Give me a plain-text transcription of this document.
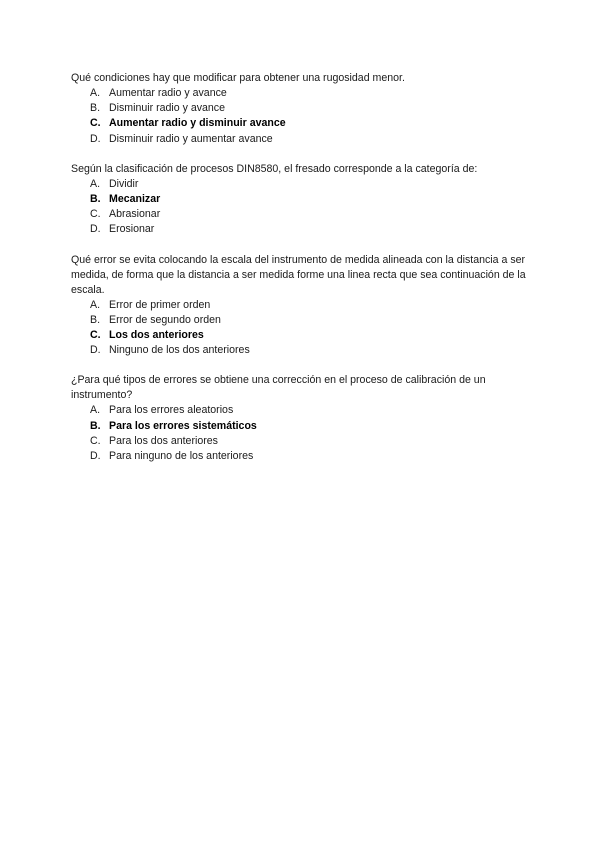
Qué condiciones hay que modificar para obtener una rugosidad menor.

A. Aumentar radio y avance
B. Disminuir radio y avance
C. Aumentar radio y disminuir avance
D. Disminuir radio y aumentar avance

Según la clasificación de procesos DIN8580, el fresado corresponde a la categoría de:

A. Dividir
B. Mecanizar
C. Abrasionar
D. Erosionar

Qué error se evita colocando la escala del instrumento de medida alineada con la distancia a ser medida, de forma que la distancia a ser medida forme una linea recta que sea continuación de la escala.

A. Error de primer orden
B. Error de segundo orden
C. Los dos anteriores
D. Ninguno de los dos anteriores

¿Para qué tipos de errores se obtiene una corrección en el proceso de calibración de un instrumento?

A. Para los errores aleatorios
B. Para los errores sistemáticos
C. Para los dos anteriores
D. Para ninguno de los anteriores
